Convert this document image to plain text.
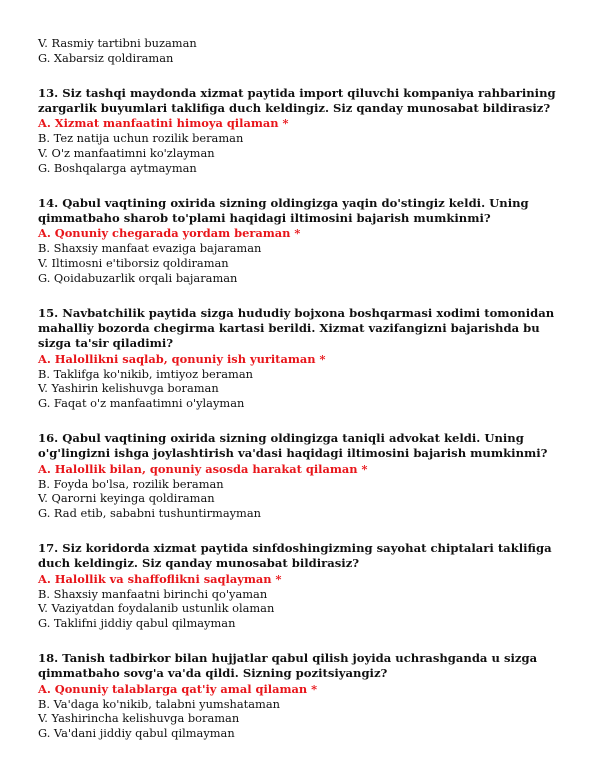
V. Rasmiy tartibni buzaman
G. Xabarsiz qoldiraman
13. Siz tashqi maydonda xizmat paytida import qiluvchi kompaniya rahbarining zargarlik buyumlari taklifiga duch keldingiz. Siz qanday munosabat bildirasiz?
A. Xizmat manfaatini himoya qilaman *
B. Tez natija uchun rozilik beraman
V. O'z manfaatimni ko'zlayman
G. Boshqalarga aytmayman
14. Qabul vaqtining oxirida sizning oldingizga yaqin do'stingiz keldi. Uning qimmatbaho sharob to'plami haqidagi iltimosini bajarish mumkinmi?
A. Qonuniy chegarada yordam beraman *
B. Shaxsiy manfaat evaziga bajaraman
V. Iltimosni e'tiborsiz qoldiraman
G. Qoidabuzarlik orqali bajaraman
15. Navbatchilik paytida sizga hududiy bojxona boshqarmasi xodimi tomonidan mahalliy bozorda chegirma kartasi berildi. Xizmat vazifangizni bajarishda bu sizga ta'sir qiladimi?
A. Halollikni saqlab, qonuniy ish yuritaman *
B. Taklifga ko'nikib, imtiyoz beraman
V. Yashirin kelishuvga boraman
G. Faqat o'z manfaatimni o'ylayman
16. Qabul vaqtining oxirida sizning oldingizga taniqli advokat keldi. Uning o'g'lingizni ishga joylashtirish va'dasi haqidagi iltimosini bajarish mumkinmi?
A. Halollik bilan, qonuniy asosda harakat qilaman *
B. Foyda bo'lsa, rozilik beraman
V. Qarorni keyinga qoldiraman
G. Rad etib, sababni tushuntirmayman
17. Siz koridorda xizmat paytida sinfdoshingizming sayohat chiptalari taklifiga duch keldingiz. Siz qanday munosabat bildirasiz?
A. Halollik va shaffoflikni saqlayman *
B. Shaxsiy manfaatni birinchi qo'yaman
V. Vaziyatdan foydalanib ustunlik olaman
G. Taklifni jiddiy qabul qilmayman
18. Tanish tadbirkor bilan hujjatlar qabul qilish joyida uchrashganda u sizga qimmatbaho sovg'a va'da qildi. Sizning pozitsiyangiz?
A. Qonuniy talablarga qat'iy amal qilaman *
B. Va'daga ko'nikib, talabni yumshataman
V. Yashirincha kelishuvga boraman
G. Va'dani jiddiy qabul qilmayman
